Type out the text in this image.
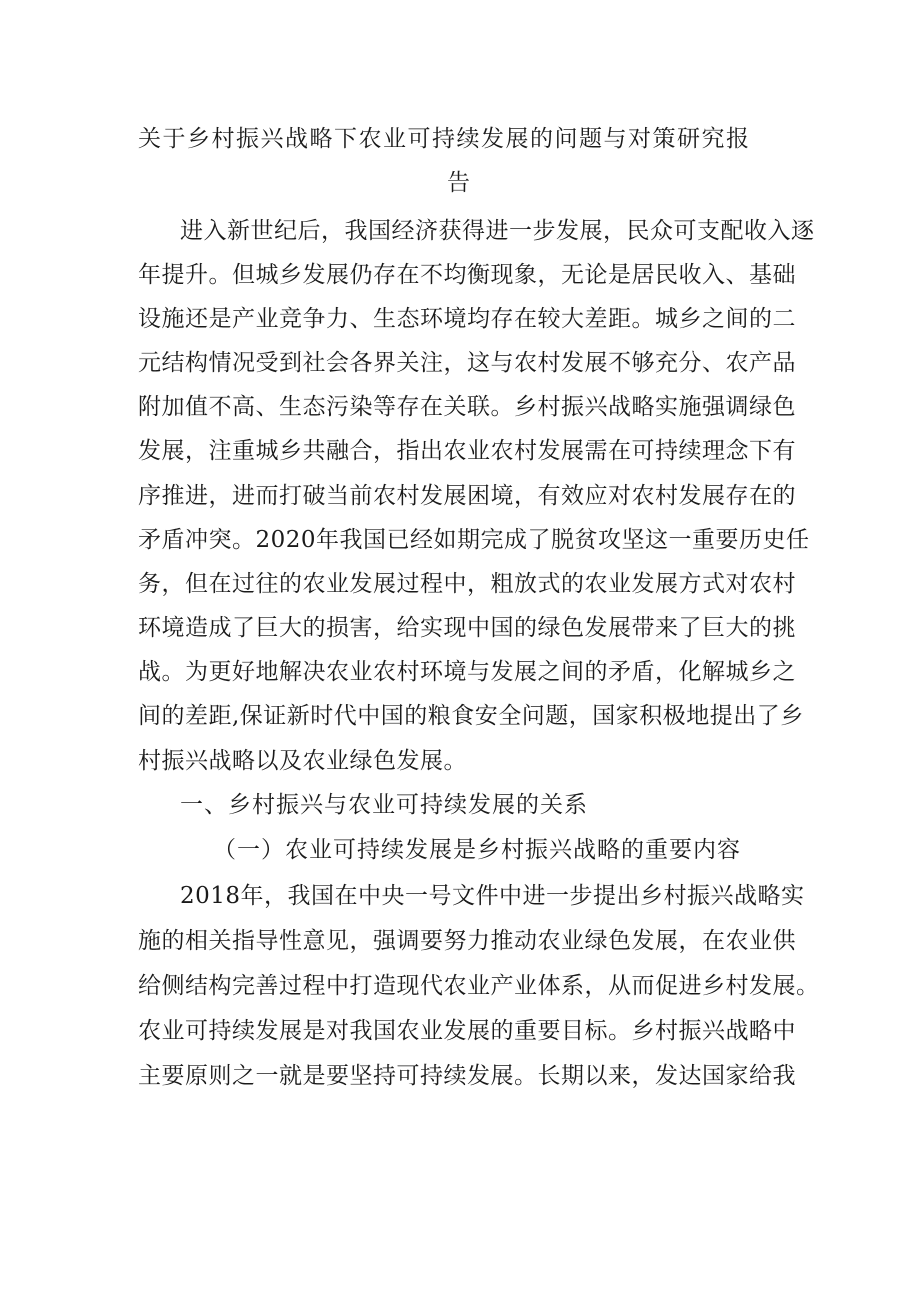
关于乡村振兴战略下农业可持续发展的问题与对策研究报
告
进入新世纪后，我国经济获得进一步发展，民众可支配收入逐
年提升。但城乡发展仍存在不均衡现象，无论是居民收入、基础
设施还是产业竞争力、生态环境均存在较大差距。城乡之间的二
元结构情况受到社会各界关注，这与农村发展不够充分、农产品
附加值不高、生态污染等存在关联。乡村振兴战略实施强调绿色
发展，注重城乡共融合，指出农业农村发展需在可持续理念下有
序推进，进而打破当前农村发展困境，有效应对农村发展存在的
矛盾冲突。2020年我国已经如期完成了脱贫攻坚这一重要历史任
务，但在过往的农业发展过程中，粗放式的农业发展方式对农村
环境造成了巨大的损害，给实现中国的绿色发展带来了巨大的挑
战。为更好地解决农业农村环境与发展之间的矛盾，化解城乡之
间的差距,保证新时代中国的粮食安全问题，国家积极地提出了乡
村振兴战略以及农业绿色发展。
一、乡村振兴与农业可持续发展的关系
（一）农业可持续发展是乡村振兴战略的重要内容
2018年，我国在中央一号文件中进一步提出乡村振兴战略实
施的相关指导性意见，强调要努力推动农业绿色发展，在农业供
给侧结构完善过程中打造现代农业产业体系，从而促进乡村发展。
农业可持续发展是对我国农业发展的重要目标。乡村振兴战略中
主要原则之一就是要坚持可持续发展。长期以来，发达国家给我
